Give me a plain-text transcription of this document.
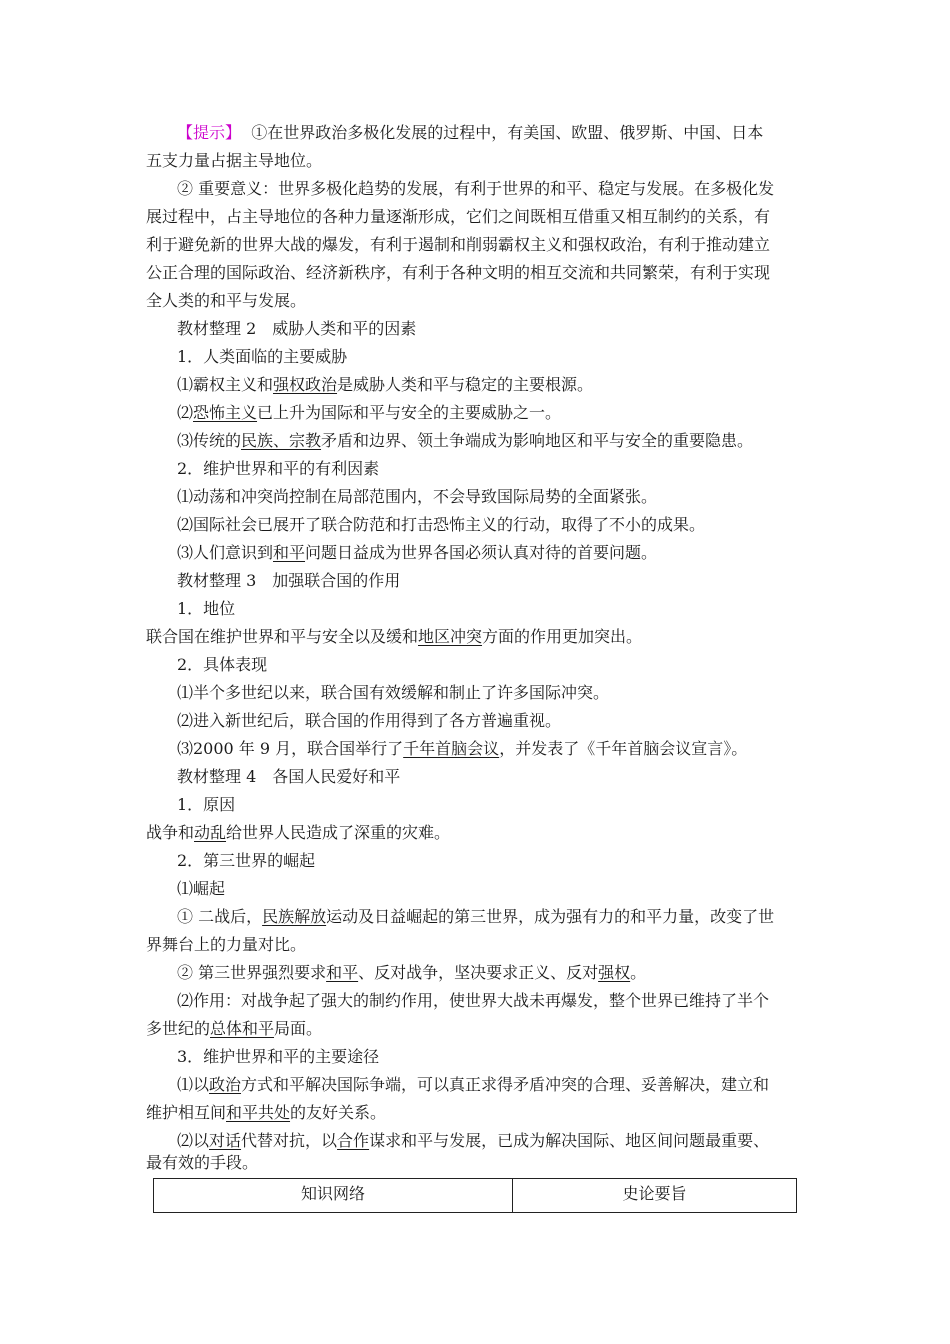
【提示】 ①在世界政治多极化发展的过程中，有美国、欧盟、俄罗斯、中国、日本
五支力量占据主导地位。
② 重要意义：世界多极化趋势的发展，有利于世界的和平、稳定与发展。在多极化发
展过程中，占主导地位的各种力量逐渐形成，它们之间既相互借重又相互制约的关系，有
利于避免新的世界大战的爆发，有利于遏制和削弱霸权主义和强权政治，有利于推动建立
公正合理的国际政治、经济新秩序，有利于各种文明的相互交流和共同繁荣，有利于实现
全人类的和平与发展。
教材整理 2　威胁人类和平的因素
1．人类面临的主要威胁
⑴霸权主义和强权政治是威胁人类和平与稳定的主要根源。
⑵恐怖主义已上升为国际和平与安全的主要威胁之一。
⑶传统的民族、宗教矛盾和边界、领土争端成为影响地区和平与安全的重要隐患。
2．维护世界和平的有利因素
⑴动荡和冲突尚控制在局部范围内，不会导致国际局势的全面紧张。
⑵国际社会已展开了联合防范和打击恐怖主义的行动，取得了不小的成果。
⑶人们意识到和平问题日益成为世界各国必须认真对待的首要问题。
教材整理 3　加强联合国的作用
1．地位
联合国在维护世界和平与安全以及缓和地区冲突方面的作用更加突出。
2．具体表现
⑴半个多世纪以来，联合国有效缓解和制止了许多国际冲突。
⑵进入新世纪后，联合国的作用得到了各方普遍重视。
⑶2000 年 9 月，联合国举行了千年首脑会议，并发表了《千年首脑会议宣言》。
教材整理 4　各国人民爱好和平
1．原因
战争和动乱给世界人民造成了深重的灾难。
2．第三世界的崛起
⑴崛起
① 二战后，民族解放运动及日益崛起的第三世界，成为强有力的和平力量，改变了世
界舞台上的力量对比。
② 第三世界强烈要求和平、反对战争，坚决要求正义、反对强权。
⑵作用：对战争起了强大的制约作用，使世界大战未再爆发，整个世界已维持了半个
多世纪的总体和平局面。
3．维护世界和平的主要途径
⑴以政治方式和平解决国际争端，可以真正求得矛盾冲突的合理、妥善解决，建立和
维护相互间和平共处的友好关系。
⑵以对话代替对抗，以合作谋求和平与发展，已成为解决国际、地区间问题最重要、
最有效的手段。
知识网络	史论要旨
